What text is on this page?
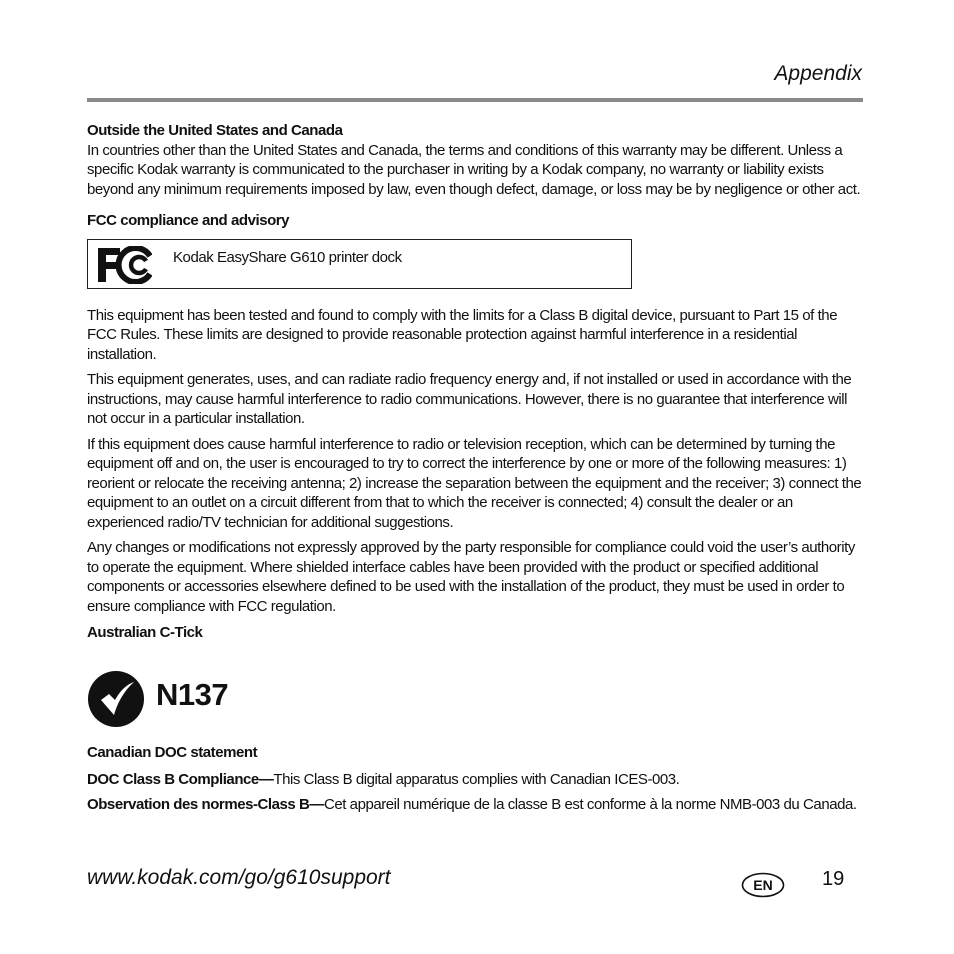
Appendix
Outside the United States and Canada

In countries other than the United States and Canada, the terms and conditions of this warranty may be different. Unless a specific Kodak warranty is communicated to the purchaser in writing by a Kodak company, no warranty or liability exists beyond any minimum requirements imposed by law, even though defect, damage, or loss may be by negligence or other act.

FCC compliance and advisory
Kodak EasyShare G610 printer dock

This equipment has been tested and found to comply with the limits for a Class B digital device, pursuant to Part 15 of the FCC Rules. These limits are designed to provide reasonable protection against harmful interference in a residential installation.

This equipment generates, uses, and can radiate radio frequency energy and, if not installed or used in accordance with the instructions, may cause harmful interference to radio communications. However, there is no guarantee that interference will not occur in a particular installation.

If this equipment does cause harmful interference to radio or television reception, which can be determined by turning the equipment off and on, the user is encouraged to try to correct the interference by one or more of the following measures: 1) reorient or relocate the receiving antenna; 2) increase the separation between the equipment and the receiver; 3) connect the equipment to an outlet on a circuit different from that to which the receiver is connected; 4) consult the dealer or an experienced radio/TV technician for additional suggestions.

Any changes or modifications not expressly approved by the party responsible for compliance could void the user’s authority to operate the equipment. Where shielded interface cables have been provided with the product or specified additional components or accessories elsewhere defined to be used with the installation of the product, they must be used in order to ensure compliance with FCC regulation.

Australian C-Tick
N137
Canadian DOC statement

DOC Class B Compliance—This Class B digital apparatus complies with Canadian ICES-003.

Observation des normes-Class B—Cet appareil numérique de la classe B est conforme à la norme NMB-003 du Canada.

www.kodak.com/go/g610support	EN 19
